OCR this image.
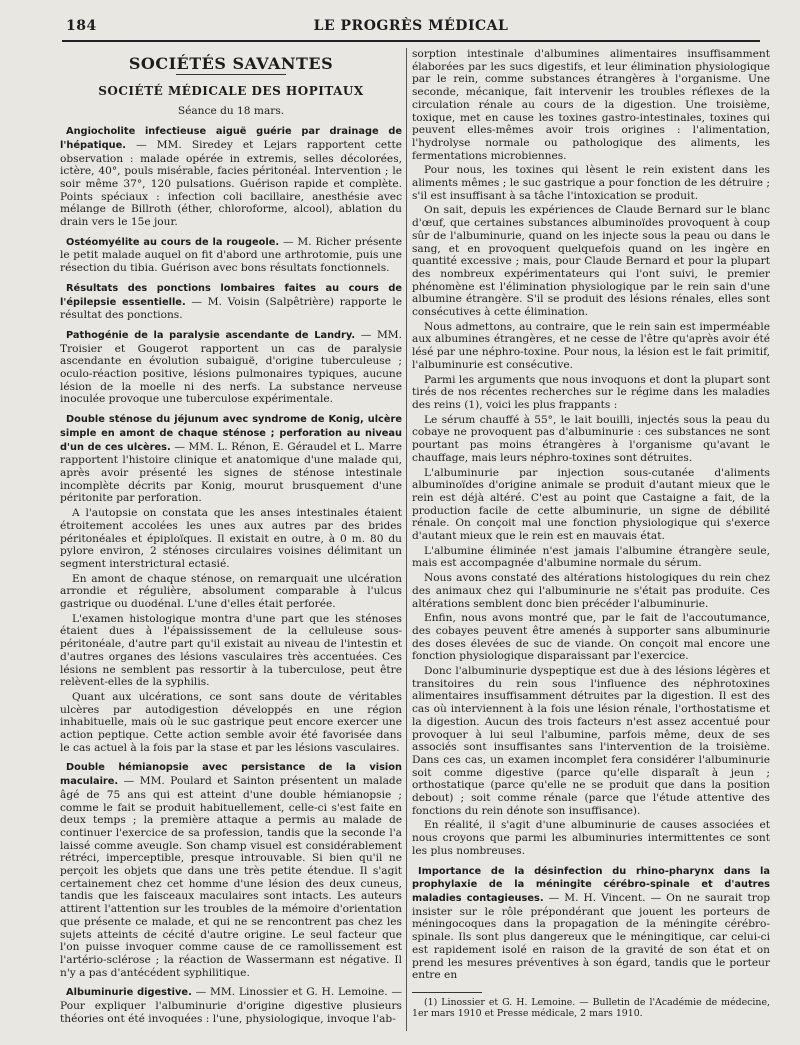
184	LE PROGRÈS MÉDICAL
SOCIÉTÉS SAVANTES
SOCIÉTÉ MÉDICALE DES HOPITAUX
Séance du 18 mars.

Angiocholite infectieuse aiguë guérie par drainage de l'hépatique. — MM. Siredey et Lejars rapportent cette observation : malade opérée in extremis, selles décolorées, ictère, 40°, pouls misérable, facies péritonéal. Intervention ; le soir même 37°, 120 pulsations. Guérison rapide et complète. Points spéciaux : infection coli bacillaire, anesthésie avec mélange de Billroth (éther, chloroforme, alcool), ablation du drain vers le 15e jour.

Ostéomyélite au cours de la rougeole. — M. Richer présente le petit malade auquel on fit d'abord une arthrotomie, puis une résection du tibia. Guérison avec bons résultats fonctionnels.

Résultats des ponctions lombaires faites au cours de l'épilepsie essentielle. — M. Voisin (Salpêtrière) rapporte le résultat des ponctions.

Pathogénie de la paralysie ascendante de Landry. — MM. Troisier et Gougerot rapportent un cas de paralysie ascendante en évolution subaiguë, d'origine tuberculeuse ; oculo-réaction positive, lésions pulmonaires typiques, aucune lésion de la moelle ni des nerfs. La substance nerveuse inoculée provoque une tuberculose expérimentale.

Double sténose du jéjunum avec syndrome de Konig, ulcère simple en amont de chaque sténose ; perforation au niveau d'un de ces ulcères. — MM. L. Rénon, E. Géraudel et L. Marre rapportent l'histoire clinique et anatomique d'une malade qui, après avoir présenté les signes de sténose intestinale incomplète décrits par Konig, mourut brusquement d'une péritonite par perforation.

A l'autopsie on constata que les anses intestinales étaient étroitement accolées les unes aux autres par des brides péritonéales et épiploïques. Il existait en outre, à 0 m. 80 du pylore environ, 2 sténoses circulaires voisines délimitant un segment interstrictural ectasié.

En amont de chaque sténose, on remarquait une ulcération arrondie et régulière, absolument comparable à l'ulcus gastrique ou duodénal. L'une d'elles était perforée.

L'examen histologique montra d'une part que les sténoses étaient dues à l'épaississement de la celluleuse sous-péritonéale, d'autre part qu'il existait au niveau de l'intestin et d'autres organes des lésions vasculaires très accentuées. Ces lésions ne semblent pas ressortir à la tuberculose, peut être relèvent-elles de la syphilis.

Quant aux ulcérations, ce sont sans doute de véritables ulcères par autodigestion développés en une région inhabituelle, mais où le suc gastrique peut encore exercer une action peptique. Cette action semble avoir été favorisée dans le cas actuel à la fois par la stase et par les lésions vasculaires.

Double hémianopsie avec persistance de la vision maculaire. — MM. Poulard et Sainton présentent un malade âgé de 75 ans qui est atteint d'une double hémianopsie ; comme le fait se produit habituellement, celle-ci s'est faite en deux temps ; la première attaque a permis au malade de continuer l'exercice de sa profession, tandis que la seconde l'a laissé comme aveugle. Son champ visuel est considérablement rétréci, imperceptible, presque introuvable. Si bien qu'il ne perçoit les objets que dans une très petite étendue. Il s'agit certainement chez cet homme d'une lésion des deux cuneus, tandis que les faisceaux maculaires sont intacts. Les auteurs attirent l'attention sur les troubles de la mémoire d'orientation que présente ce malade, et qui ne se rencontrent pas chez les sujets atteints de cécité d'autre origine. Le seul facteur que l'on puisse invoquer comme cause de ce ramollissement est l'artério-sclérose ; la réaction de Wassermann est négative. Il n'y a pas d'antécédent syphilitique.

Albuminurie digestive. — MM. Linossier et G. H. Lemoine. — Pour expliquer l'albuminurie d'origine digestive plusieurs théories ont été invoquées : l'une, physiologique, invoque l'ab-

sorption intestinale d'albumines alimentaires insuffisamment élaborées par les sucs digestifs, et leur élimination physiologique par le rein, comme substances étrangères à l'organisme. Une seconde, mécanique, fait intervenir les troubles réflexes de la circulation rénale au cours de la digestion. Une troisième, toxique, met en cause les toxines gastro-intestinales, toxines qui peuvent elles-mêmes avoir trois origines : l'alimentation, l'hydrolyse normale ou pathologique des aliments, les fermentations microbiennes.

Pour nous, les toxines qui lèsent le rein existent dans les aliments mêmes ; le suc gastrique a pour fonction de les détruire ; s'il est insuffisant à sa tâche l'intoxication se produit.

On sait, depuis les expériences de Claude Bernard sur le blanc d'œuf, que certaines substances albuminoïdes provoquent à coup sûr de l'albuminurie, quand on les injecte sous la peau ou dans le sang, et en provoquent quelquefois quand on les ingère en quantité excessive ; mais, pour Claude Bernard et pour la plupart des nombreux expérimentateurs qui l'ont suivi, le premier phénomène est l'élimination physiologique par le rein sain d'une albumine étrangère. S'il se produit des lésions rénales, elles sont consécutives à cette élimination.

Nous admettons, au contraire, que le rein sain est imperméable aux albumines étrangères, et ne cesse de l'être qu'après avoir été lésé par une néphro-toxine. Pour nous, la lésion est le fait primitif, l'albuminurie est consécutive.

Parmi les arguments que nous invoquons et dont la plupart sont tirés de nos récentes recherches sur le régime dans les maladies des reins (1), voici les plus frappants :

Le sérum chauffé à 55°, le lait bouilli, injectés sous la peau du cobaye ne provoquent pas d'albuminurie : ces substances ne sont pourtant pas moins étrangères à l'organisme qu'avant le chauffage, mais leurs néphro-toxines sont détruites.

L'albuminurie par injection sous-cutanée d'aliments albuminoïdes d'origine animale se produit d'autant mieux que le rein est déjà altéré. C'est au point que Castaigne a fait, de la production facile de cette albuminurie, un signe de débilité rénale. On conçoit mal une fonction physiologique qui s'exerce d'autant mieux que le rein est en mauvais état.

L'albumine éliminée n'est jamais l'albumine étrangère seule, mais est accompagnée d'albumine normale du sérum.

Nous avons constaté des altérations histologiques du rein chez des animaux chez qui l'albuminurie ne s'était pas produite. Ces altérations semblent donc bien précéder l'albuminurie.

Enfin, nous avons montré que, par le fait de l'accoutumance, des cobayes peuvent être amenés à supporter sans albuminurie des doses élevées de suc de viande. On conçoit mal encore une fonction physiologique disparaissant par l'exercice.

Donc l'albuminurie dyspeptique est due à des lésions légères et transitoires du rein sous l'influence des néphrotoxines alimentaires insuffisamment détruites par la digestion. Il est des cas où interviennent à la fois une lésion rénale, l'orthostatisme et la digestion. Aucun des trois facteurs n'est assez accentué pour provoquer à lui seul l'albumine, parfois même, deux de ses associés sont insuffisantes sans l'intervention de la troisième. Dans ces cas, un examen incomplet fera considérer l'albuminurie soit comme digestive (parce qu'elle disparaît à jeun ; orthostatique (parce qu'elle ne se produit que dans la position debout) ; soit comme rénale (parce que l'étude attentive des fonctions du rein dénote son insuffisance).

En réalité, il s'agit d'une albuminurie de causes associées et nous croyons que parmi les albuminuries intermittentes ce sont les plus nombreuses.

Importance de la désinfection du rhino-pharynx dans la prophylaxie de la méningite cérébro-spinale et d'autres maladies contagieuses. — M. H. Vincent. — On ne saurait trop insister sur le rôle prépondérant que jouent les porteurs de méningocoques dans la propagation de la méningite cérébro-spinale. Ils sont plus dangereux que le méningitique, car celui-ci est rapidement isolé en raison de la gravité de son état et on prend les mesures préventives à son égard, tandis que le porteur entre en

(1) Linossier et G. H. Lemoine. — Bulletin de l'Académie de médecine, 1er mars 1910 et Presse médicale, 2 mars 1910.
